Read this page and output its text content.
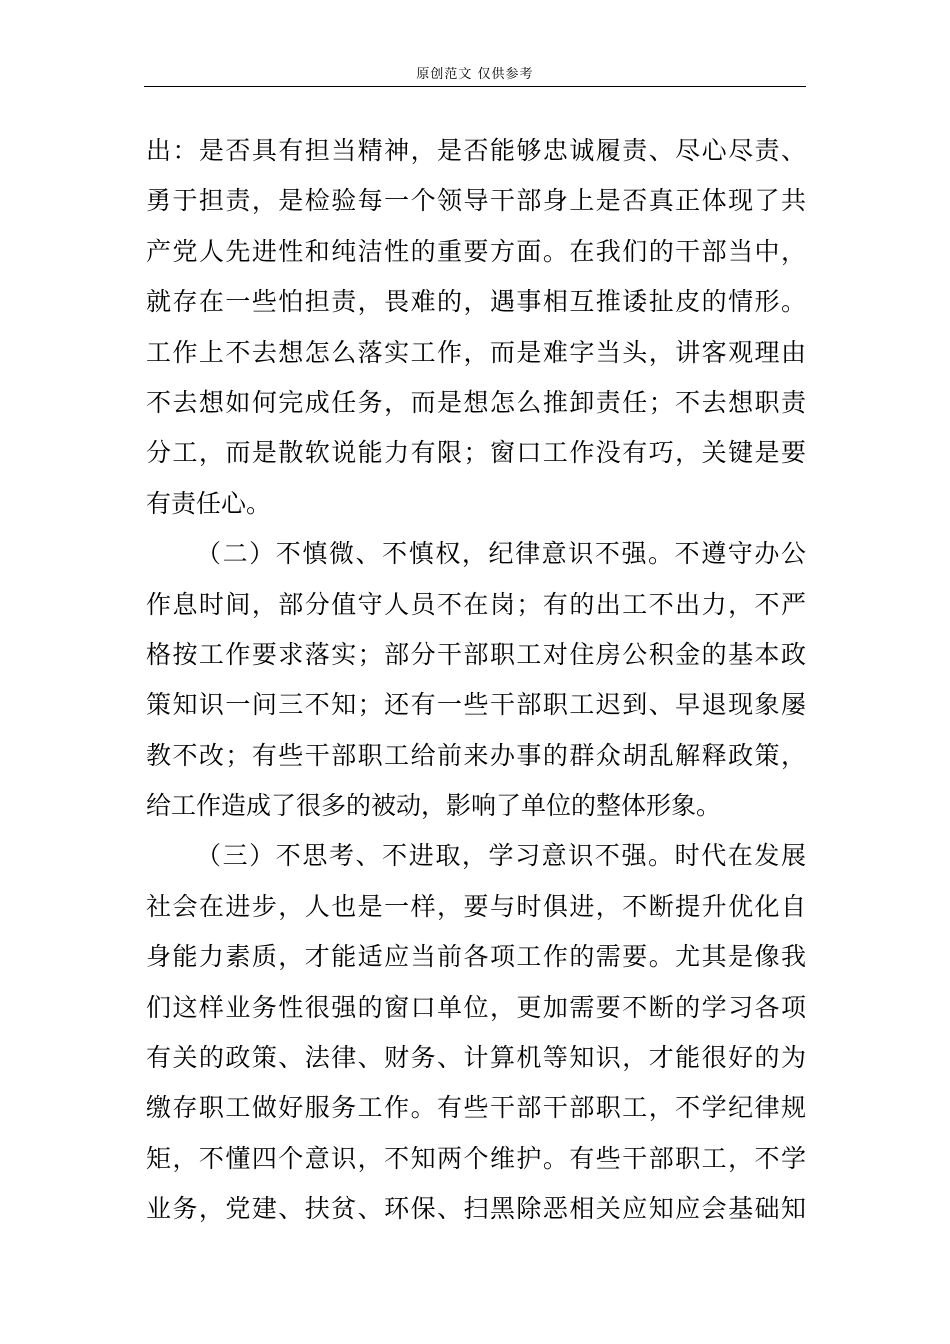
原创范文 仅供参考

出：是否具有担当精神，是否能够忠诚履责、尽心尽责、
勇于担责，是检验每一个领导干部身上是否真正体现了共
产党人先进性和纯洁性的重要方面。在我们的干部当中，
就存在一些怕担责，畏难的，遇事相互推诿扯皮的情形。
工作上不去想怎么落实工作，而是难字当头，讲客观理由
不去想如何完成任务，而是想怎么推卸责任；不去想职责
分工，而是散软说能力有限；窗口工作没有巧，关键是要
有责任心。

（二）不慎微、不慎权，纪律意识不强。不遵守办公
作息时间，部分值守人员不在岗；有的出工不出力，不严
格按工作要求落实；部分干部职工对住房公积金的基本政
策知识一问三不知；还有一些干部职工迟到、早退现象屡
教不改；有些干部职工给前来办事的群众胡乱解释政策，
给工作造成了很多的被动，影响了单位的整体形象。

（三）不思考、不进取，学习意识不强。时代在发展
社会在进步，人也是一样，要与时俱进，不断提升优化自
身能力素质，才能适应当前各项工作的需要。尤其是像我
们这样业务性很强的窗口单位，更加需要不断的学习各项
有关的政策、法律、财务、计算机等知识，才能很好的为
缴存职工做好服务工作。有些干部干部职工，不学纪律规
矩，不懂四个意识，不知两个维护。有些干部职工，不学
业务，党建、扶贫、环保、扫黑除恶相关应知应会基础知
